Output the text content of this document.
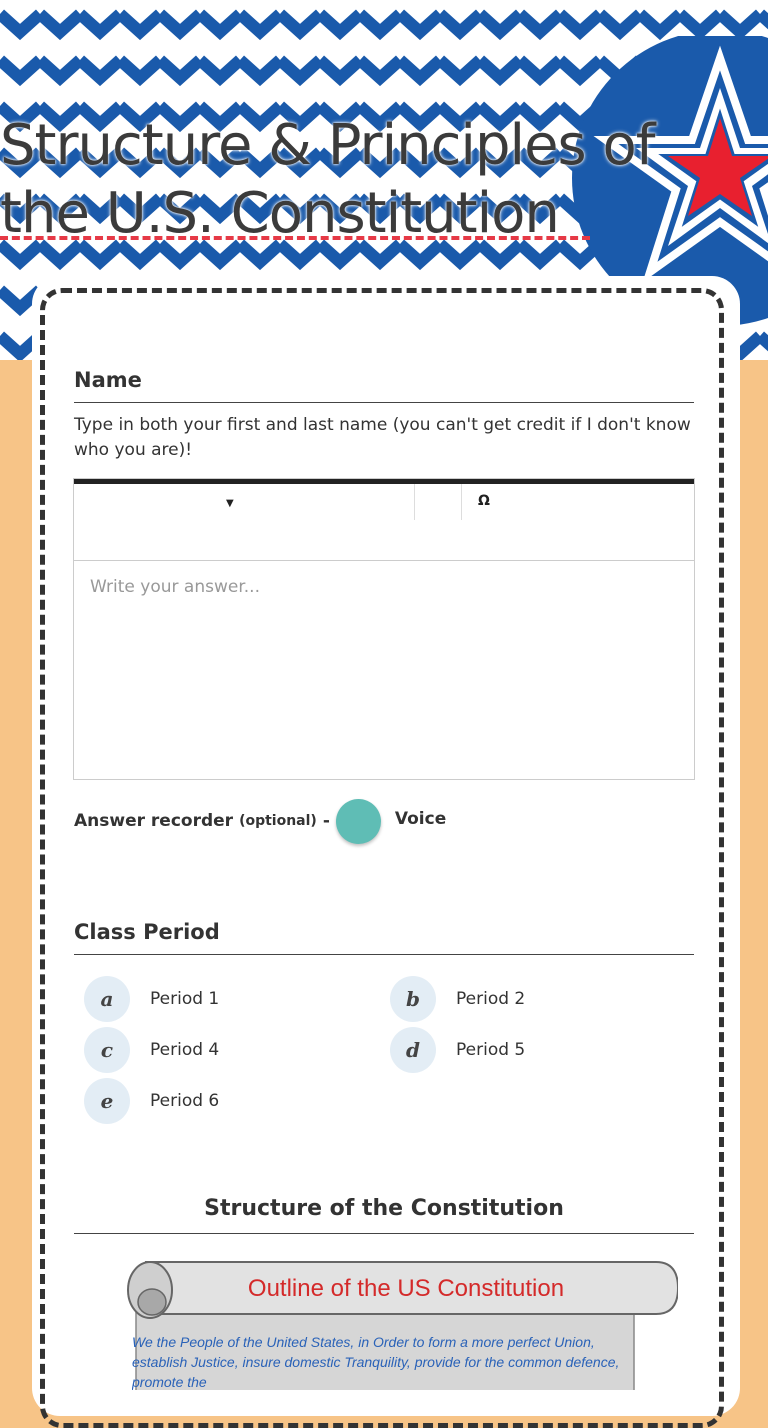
Structure & Principles of
the U.S. Constitution
Name
Type in both your first and last name (you can't get credit if I don't know who you are)!
▼	Ω
Write your answer...
Answer recorder (optional) -	Voice
Class Period
a	Period 1	b	Period 2
c	Period 4	d	Period 5
e	Period 6
Structure of the Constitution
Outline of the US Constitution
We the People of the United States, in Order to form a more perfect Union, establish Justice, insure domestic Tranquility, provide for the common defence, promote the
